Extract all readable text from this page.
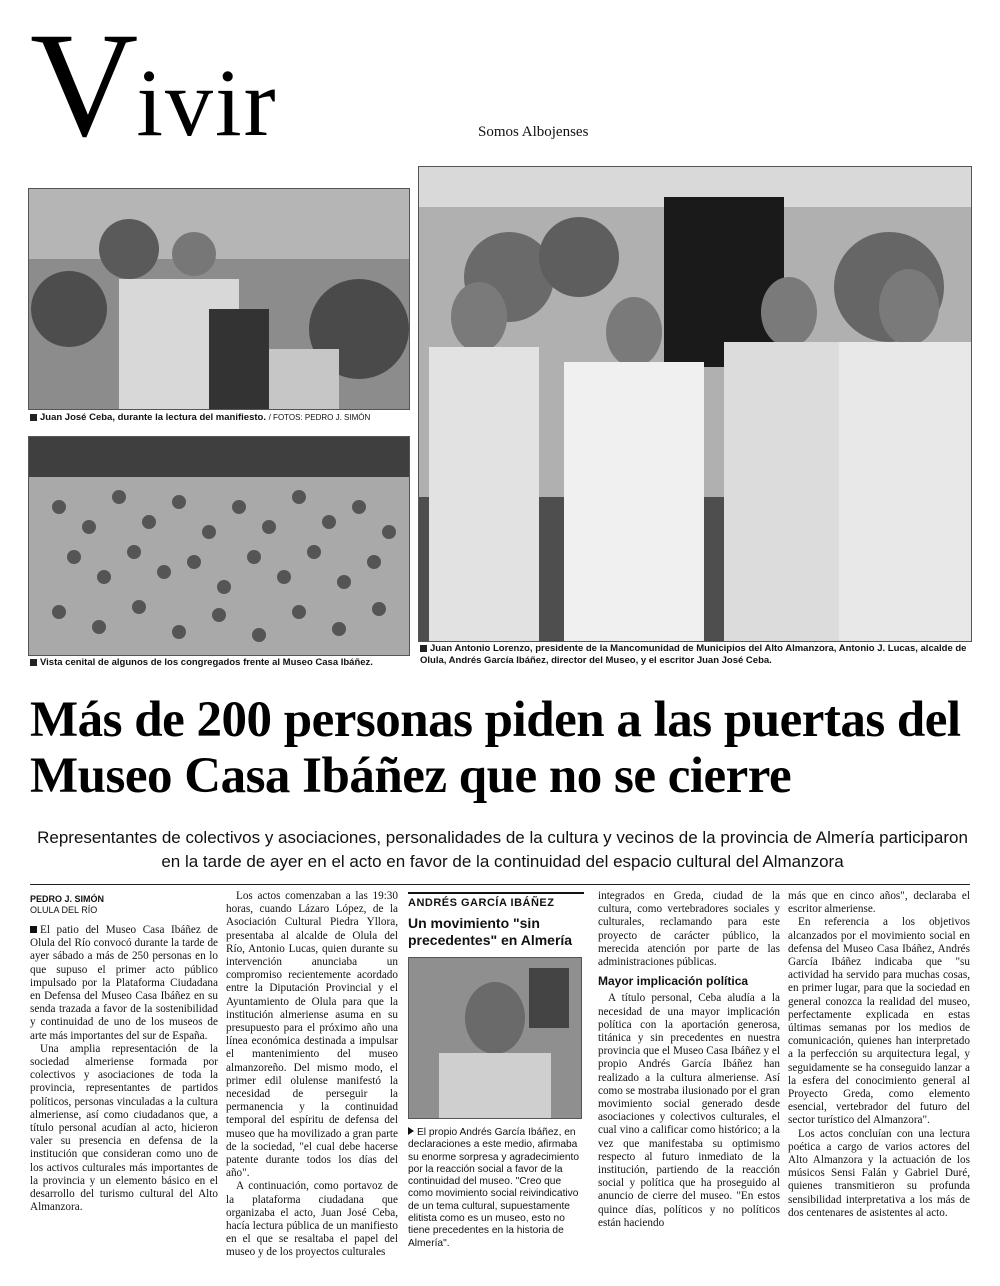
Vivir	Somos Albojenses
Juan José Ceba, durante la lectura del manifiesto. / FOTOS: PEDRO J. SIMÓN
Vista cenital de algunos de los congregados frente al Museo Casa Ibáñez.
Juan Antonio Lorenzo, presidente de la Mancomunidad de Municipios del Alto Almanzora, Antonio J. Lucas, alcalde de Olula, Andrés García Ibáñez, director del Museo, y el escritor Juan José Ceba.
Más de 200 personas piden a las puertas del Museo Casa Ibáñez que no se cierre
Representantes de colectivos y asociaciones, personalidades de la cultura y vecinos de la provincia de Almería participaron en la tarde de ayer en el acto en favor de la continuidad del espacio cultural del Almanzora
PEDRO J. SIMÓN
OLULA DEL RÍO

El patio del Museo Casa Ibáñez de Olula del Río convocó durante la tarde de ayer sábado a más de 250 personas en lo que supuso el primer acto público impulsado por la Plataforma Ciudadana en Defensa del Museo Casa Ibáñez en su senda trazada a favor de la sostenibilidad y continuidad de uno de los museos de arte más importantes del sur de España.

Una amplia representación de la sociedad almeriense formada por colectivos y asociaciones de toda la provincia, representantes de partidos políticos, personas vinculadas a la cultura almeriense, así como ciudadanos que, a título personal acudían al acto, hicieron valer su presencia en defensa de la institución que consideran como uno de los activos culturales más importantes de la provincia y un elemento básico en el desarrollo del turismo cultural del Alto Almanzora.

Los actos comenzaban a las 19:30 horas, cuando Lázaro López, de la Asociación Cultural Piedra Yllora, presentaba al alcalde de Olula del Río, Antonio Lucas, quien durante su intervención anunciaba un compromiso recientemente acordado entre la Diputación Provincial y el Ayuntamiento de Olula para que la institución almeriense asuma en su presupuesto para el próximo año una línea económica destinada a impulsar el mantenimiento del museo almanzoreño. Del mismo modo, el primer edil olulense manifestó la necesidad de perseguir la permanencia y la continuidad temporal del espíritu de defensa del museo que ha movilizado a gran parte de la sociedad, "el cual debe hacerse patente durante todos los días del año".

A continuación, como portavoz de la plataforma ciudadana que organizaba el acto, Juan José Ceba, hacía lectura pública de un manifiesto en el que se resaltaba el papel del museo y de los proyectos culturales

ANDRÉS GARCÍA IBÁÑEZ
Un movimiento "sin precedentes" en Almería
El propio Andrés García Ibáñez, en declaraciones a este medio, afirmaba su enorme sorpresa y agradecimiento por la reacción social a favor de la continuidad del museo. "Creo que como movimiento social reivindicativo de un tema cultural, supuestamente elitista como es un museo, esto no tiene precedentes en la historia de Almería".

integrados en Greda, ciudad de la cultura, como vertebradores sociales y culturales, reclamando para este proyecto de carácter público, la merecida atención por parte de las administraciones públicas.

Mayor implicación política

A título personal, Ceba aludía a la necesidad de una mayor implicación política con la aportación generosa, titánica y sin precedentes en nuestra provincia que el Museo Casa Ibáñez y el propio Andrés García Ibáñez han realizado a la cultura almeriense. Así como se mostraba ilusionado por el gran movimiento social generado desde asociaciones y colectivos culturales, el cual vino a calificar como histórico; a la vez que manifestaba su optimismo respecto al futuro inmediato de la institución, partiendo de la reacción social y política que ha proseguido al anuncio de cierre del museo. "En estos quince días, políticos y no políticos están haciendo

más que en cinco años", declaraba el escritor almeriense.

En referencia a los objetivos alcanzados por el movimiento social en defensa del Museo Casa Ibáñez, Andrés García Ibáñez indicaba que "su actividad ha servido para muchas cosas, en primer lugar, para que la sociedad en general conozca la realidad del museo, perfectamente explicada en estas últimas semanas por los medios de comunicación, quienes han interpretado a la perfección su arquitectura legal, y seguidamente se ha conseguido lanzar a la esfera del conocimiento general al Proyecto Greda, como elemento esencial, vertebrador del futuro del sector turístico del Almanzora".

Los actos concluían con una lectura poética a cargo de varios actores del Alto Almanzora y la actuación de los músicos Sensi Falán y Gabriel Duré, quienes transmitieron su profunda sensibilidad interpretativa a los más de dos centenares de asistentes al acto.
